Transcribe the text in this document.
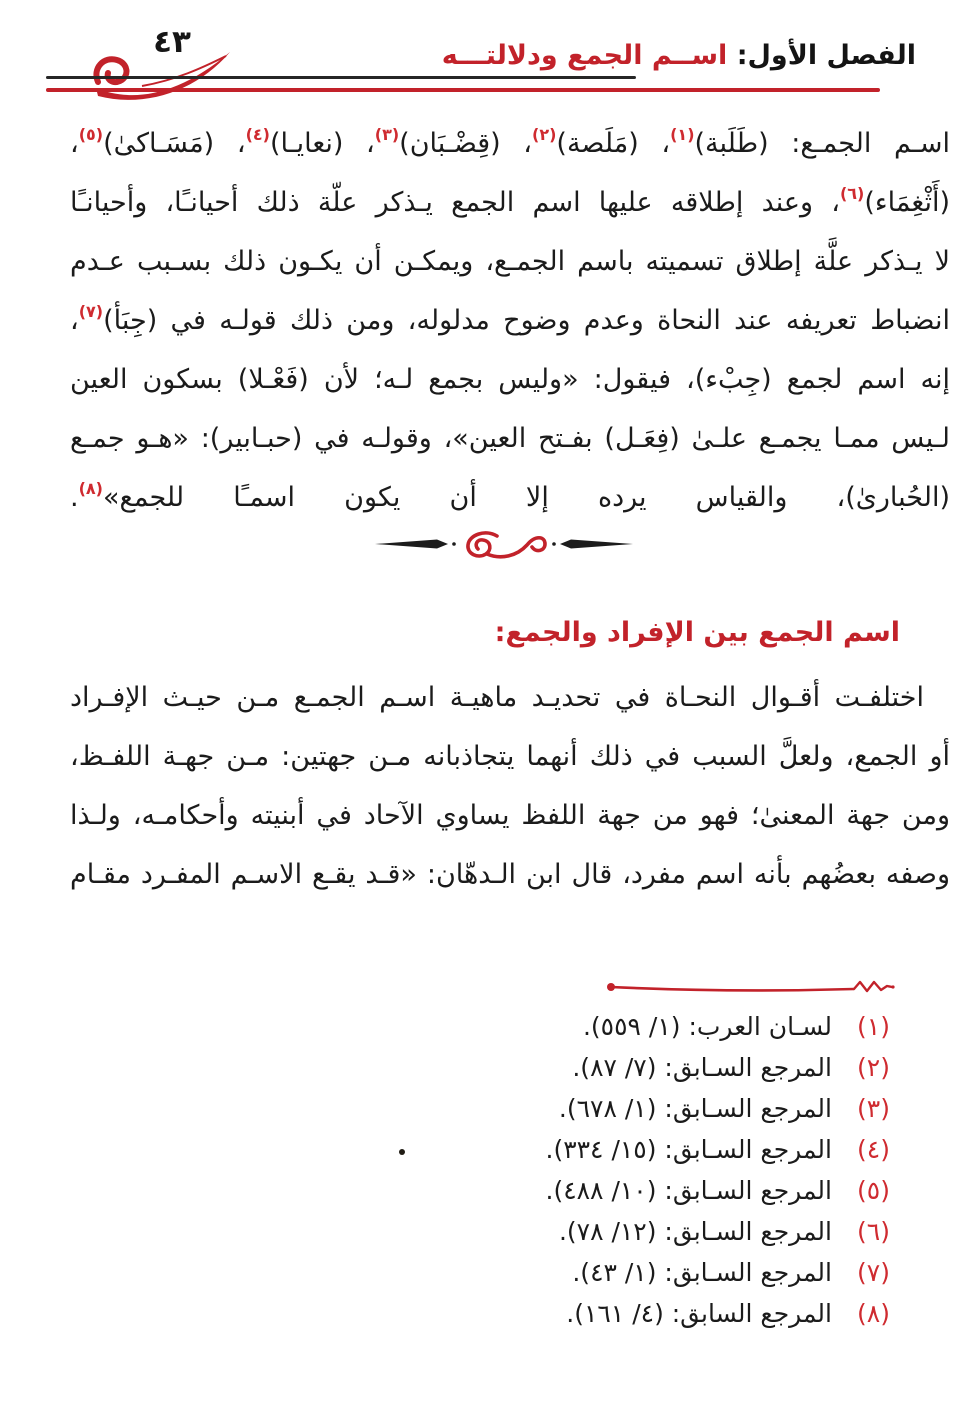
٤٣	الفصل الأول: اســم الجمع ودلالتـــه
اسـم الجمـع: (طَلَبة)$^{(١)}$، (مَلَصة)$^{(٢)}$، (قِضْـبَان)$^{(٣)}$، (نعايـا)$^{(٤)}$، (مَسَـاكىٰ)$^{(٥)}$،
(أَثْغِمَاء)$^{(٦)}$، وعند إطلاقه عليها اسم الجمع يـذكر علّة ذلك أحيانـًا، وأحيانـًا
لا يـذكر علَّة إطلاق تسميته باسم الجمـع، ويمكـن أن يكـون ذلك بسـبب عـدم
انضباط تعريفه عند النحاة وعدم وضوح مدلوله، ومن ذلك قولـه في (جِبَأ)$^{(٧)}$،
إنه اسم لجمع (جِبْء)، فيقول: «وليس بجمع لـه؛ لأن (فَعْـلا) بسكون العين
لـيس ممـا يجمـع علـىٰ (فِعَـل) بفـتح العين»، وقولـه في (حبـابير): «هـو جمـع
(الحُبارىٰ)، والقياس يرده إلا أن يكون اسمـًا للجمع»$^{(٨)}$.
اسم الجمع بين الإفراد والجمع:
اختلفـت أقـوال النحـاة في تحديـد ماهيـة اسـم الجمـع مـن حيـث الإفـراد
أو الجمع، ولعلَّ السبب في ذلك أنهما يتجاذبانه مـن جهتين: مـن جهـة اللفـظ،
ومن جهة المعنىٰ؛ فهو من جهة اللفظ يساوي الآحاد في أبنيته وأحكامـه، ولـذا
وصفه بعضُهم بأنه اسم مفرد، قال ابن الـدهّان: «قـد يقـع الاسـم المفـرد مقـام
(١)لسـان العرب: (١/ ٥٥٩).
(٢)المرجع السـابق: (٧/ ٨٧).
(٣)المرجع السـابق: (١/ ٦٧٨).
(٤)المرجع السـابق: (١٥/ ٣٣٤).
(٥)المرجع السـابق: (١٠/ ٤٨٨).
(٦)المرجع السـابق: (١٢/ ٧٨).
(٧)المرجع السـابق: (١/ ٤٣).
(٨)المرجع السابق: (٤/ ١٦١).
